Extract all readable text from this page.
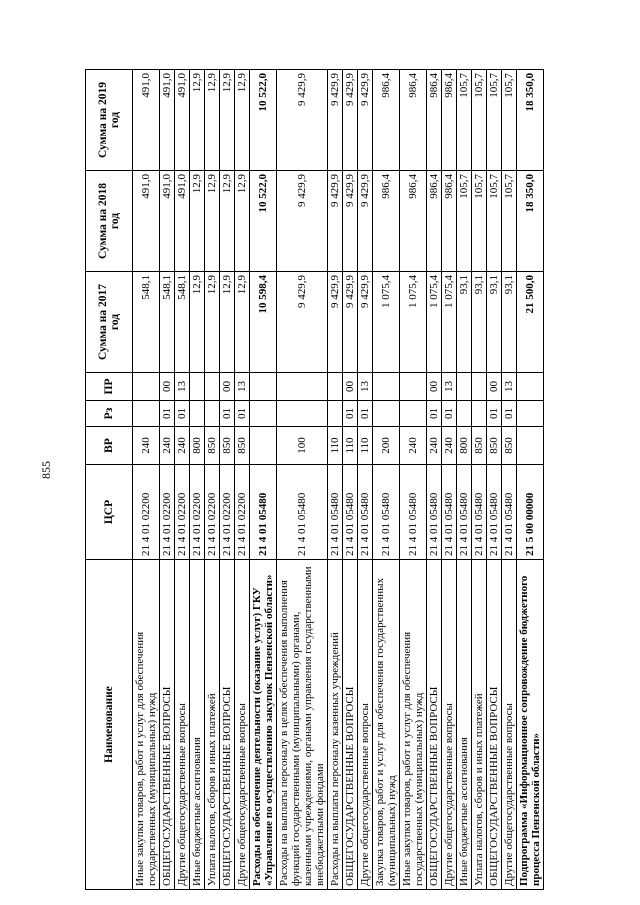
855
Наименование	ЦСР	ВР	Рз	ПР	Сумма на 2017 год	Сумма на 2018 год	Сумма на 2019 год
Иные закупки товаров, работ и услуг для обеспечения государственных (муниципальных) нужд	21 4 01 02200	240			548,1	491,0	491,0
ОБЩЕГОСУДАРСТВЕННЫЕ ВОПРОСЫ	21 4 01 02200	240	01	00	548,1	491,0	491,0
Другие общегосударственные вопросы	21 4 01 02200	240	01	13	548,1	491,0	491,0
Иные бюджетные ассигнования	21 4 01 02200	800			12,9	12,9	12,9
Уплата налогов, сборов и иных платежей	21 4 01 02200	850			12,9	12,9	12,9
ОБЩЕГОСУДАРСТВЕННЫЕ ВОПРОСЫ	21 4 01 02200	850	01	00	12,9	12,9	12,9
Другие общегосударственные вопросы	21 4 01 02200	850	01	13	12,9	12,9	12,9
Расходы на обеспечение деятельности (оказание услуг) ГКУ «Управление по осуществлению закупок Пензенской области»	21 4 01 05480				10 598,4	10 522,0	10 522,0
Расходы на выплаты персоналу в целях обеспечения выполнения функций государственными (муниципальными) органами, казенными учреждениями, органами управления государственными внебюджетными фондами	21 4 01 05480	100			9 429,9	9 429,9	9 429,9
Расходы на выплаты персоналу казенных учреждений	21 4 01 05480	110			9 429,9	9 429,9	9 429,9
ОБЩЕГОСУДАРСТВЕННЫЕ ВОПРОСЫ	21 4 01 05480	110	01	00	9 429,9	9 429,9	9 429,9
Другие общегосударственные вопросы	21 4 01 05480	110	01	13	9 429,9	9 429,9	9 429,9
Закупка товаров, работ и услуг для обеспечения государственных (муниципальных) нужд	21 4 01 05480	200			1 075,4	986,4	986,4
Иные закупки товаров, работ и услуг для обеспечения государственных (муниципальных) нужд	21 4 01 05480	240			1 075,4	986,4	986,4
ОБЩЕГОСУДАРСТВЕННЫЕ ВОПРОСЫ	21 4 01 05480	240	01	00	1 075,4	986,4	986,4
Другие общегосударственные вопросы	21 4 01 05480	240	01	13	1 075,4	986,4	986,4
Иные бюджетные ассигнования	21 4 01 05480	800			93,1	105,7	105,7
Уплата налогов, сборов и иных платежей	21 4 01 05480	850			93,1	105,7	105,7
ОБЩЕГОСУДАРСТВЕННЫЕ ВОПРОСЫ	21 4 01 05480	850	01	00	93,1	105,7	105,7
Другие общегосударственные вопросы	21 4 01 05480	850	01	13	93,1	105,7	105,7
Подпрограмма «Информационное сопровождение бюджетного процесса Пензенской области»	21 5 00 00000				21 500,0	18 350,0	18 350,0
